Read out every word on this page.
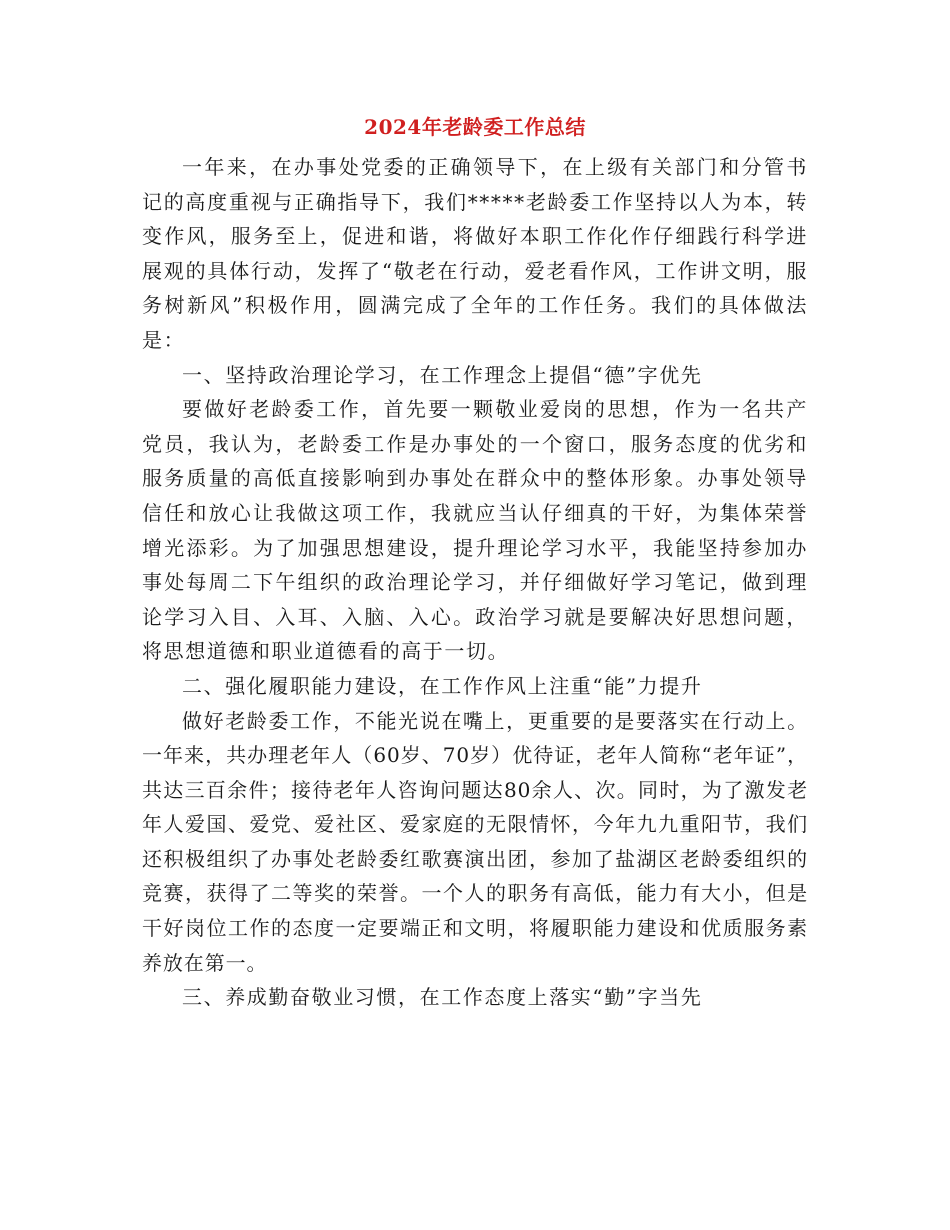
2024年老龄委工作总结

一年来，在办事处党委的正确领导下，在上级有关部门和分管书记的高度重视与正确指导下，我们*****老龄委工作坚持以人为本，转变作风，服务至上，促进和谐，将做好本职工作化作仔细践行科学进展观的具体行动，发挥了“敬老在行动，爱老看作风，工作讲文明，服务树新风”积极作用，圆满完成了全年的工作任务。我们的具体做法是：

一、坚持政治理论学习，在工作理念上提倡“德”字优先

要做好老龄委工作，首先要一颗敬业爱岗的思想，作为一名共产党员，我认为，老龄委工作是办事处的一个窗口，服务态度的优劣和服务质量的高低直接影响到办事处在群众中的整体形象。办事处领导信任和放心让我做这项工作，我就应当认仔细真的干好，为集体荣誉增光添彩。为了加强思想建设，提升理论学习水平，我能坚持参加办事处每周二下午组织的政治理论学习，并仔细做好学习笔记，做到理论学习入目、入耳、入脑、入心。政治学习就是要解决好思想问题，将思想道德和职业道德看的高于一切。

二、强化履职能力建设，在工作作风上注重“能”力提升

做好老龄委工作，不能光说在嘴上，更重要的是要落实在行动上。一年来，共办理老年人（60岁、70岁）优待证，老年人简称“老年证”，共达三百余件；接待老年人咨询问题达80余人、次。同时，为了激发老年人爱国、爱党、爱社区、爱家庭的无限情怀，今年九九重阳节，我们还积极组织了办事处老龄委红歌赛演出团，参加了盐湖区老龄委组织的竞赛，获得了二等奖的荣誉。一个人的职务有高低，能力有大小，但是干好岗位工作的态度一定要端正和文明，将履职能力建设和优质服务素养放在第一。

三、养成勤奋敬业习惯，在工作态度上落实“勤”字当先
